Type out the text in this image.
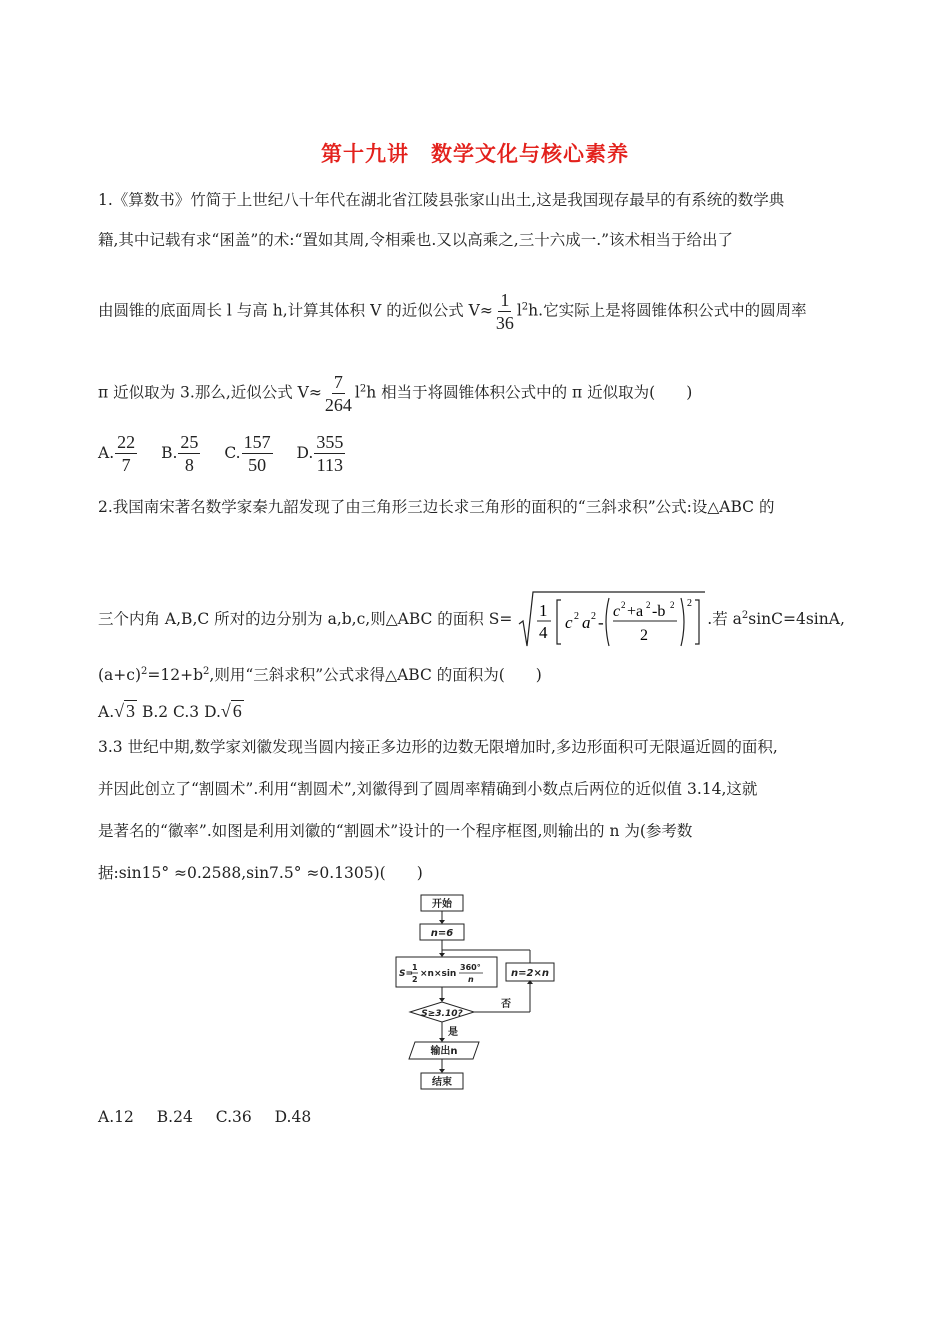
第十九讲　数学文化与核心素养
1.《算数书》竹简于上世纪八十年代在湖北省江陵县张家山出土,这是我国现存最早的有系统的数学典
籍,其中记载有求“囷盖”的术:“置如其周,令相乘也.又以高乘之,三十六成一.”该术相当于给出了
由圆锥的底面周长 l 与高 h,计算其体积 V 的近似公式 $V\approx \frac{1}{36} l^2h$.它实际上是将圆锥体积公式中的圆周率
π 近似取为 3.那么,近似公式 $V\approx \frac{7}{264} l^2h$ 相当于将圆锥体积公式中的 π 近似取为(　　)
A. $\frac{22}{7} B$. $\frac{25}{8} C$. $\frac{157}{50} D$. $\frac{355}{113}$
2.我国南宋著名数学家秦九韶发现了由三角形三边长求三角形的面积的“三斜求积”公式:设△ABC 的
三个内角 A,B,C 所对的边分别为 a,b,c,则△ABC 的面积 S= 1
4
c 2 a 2 -
c 2 +a 2 -b 2
2
2
.若 $a^2\sin C=4\sin A$,
$(a+c)^2=12+b^2$,则用“三斜求积”公式求得△ABC 的面积为(　　)
A.√ 3 B.2 C.3 D.√ 6
3.3 世纪中期,数学家刘徽发现当圆内接正多边形的边数无限增加时,多边形面积可无限逼近圆的面积,
并因此创立了“割圆术”.利用“割圆术”,刘徽得到了圆周率精确到小数点后两位的近似值 3.14,这就
是著名的“徽率”.如图是利用刘徽的“割圆术”设计的一个程序框图,则输出的 n 为(参考数
据:sin15° ≈0.2588,sin7.5° ≈0.1305)(　　)
开始
n=6
S=
1
2
×n×sin
360°
n
n=2×n
S≥3.10?
否
是
输出n
结束
A.12 B.24 C.36 D.48
